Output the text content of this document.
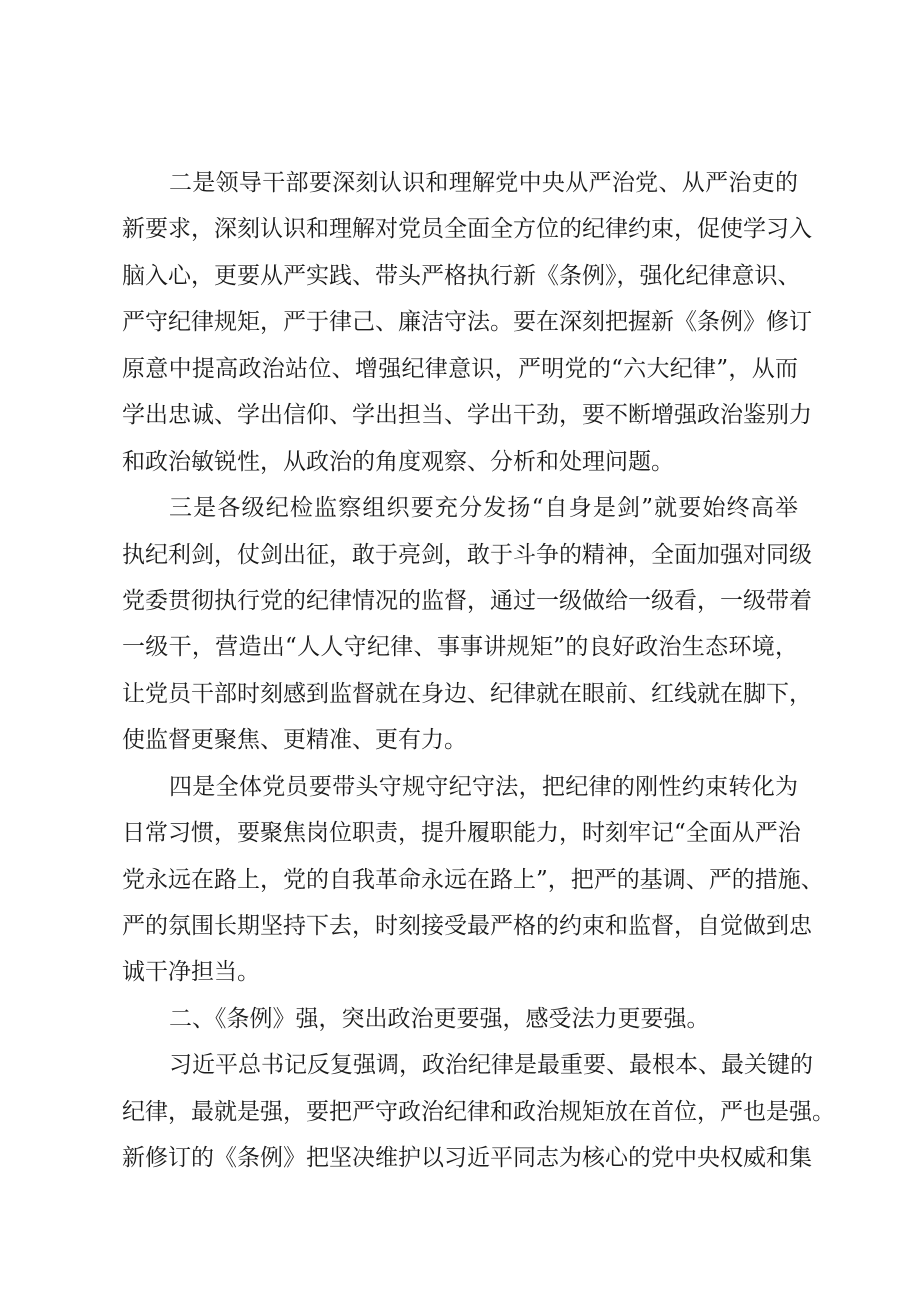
二是领导干部要深刻认识和理解党中央从严治党、从严治吏的
新要求，深刻认识和理解对党员全面全方位的纪律约束，促使学习入
脑入心，更要从严实践、带头严格执行新《条例》，强化纪律意识、
严守纪律规矩，严于律己、廉洁守法。要在深刻把握新《条例》修订
原意中提高政治站位、增强纪律意识，严明党的“六大纪律”，从而
学出忠诚、学出信仰、学出担当、学出干劲，要不断增强政治鉴别力
和政治敏锐性，从政治的角度观察、分析和处理问题。
三是各级纪检监察组织要充分发扬“自身是剑”就要始终高举
执纪利剑，仗剑出征，敢于亮剑，敢于斗争的精神，全面加强对同级
党委贯彻执行党的纪律情况的监督，通过一级做给一级看，一级带着
一级干，营造出“人人守纪律、事事讲规矩”的良好政治生态环境，
让党员干部时刻感到监督就在身边、纪律就在眼前、红线就在脚下，
使监督更聚焦、更精准、更有力。
四是全体党员要带头守规守纪守法，把纪律的刚性约束转化为
日常习惯，要聚焦岗位职责，提升履职能力，时刻牢记“全面从严治
党永远在路上，党的自我革命永远在路上”，把严的基调、严的措施、
严的氛围长期坚持下去，时刻接受最严格的约束和监督，自觉做到忠
诚干净担当。
二、《条例》强，突出政治更要强，感受法力更要强。
习近平总书记反复强调，政治纪律是最重要、最根本、最关键的
纪律，最就是强，要把严守政治纪律和政治规矩放在首位，严也是强。
新修订的《条例》把坚决维护以习近平同志为核心的党中央权威和集
